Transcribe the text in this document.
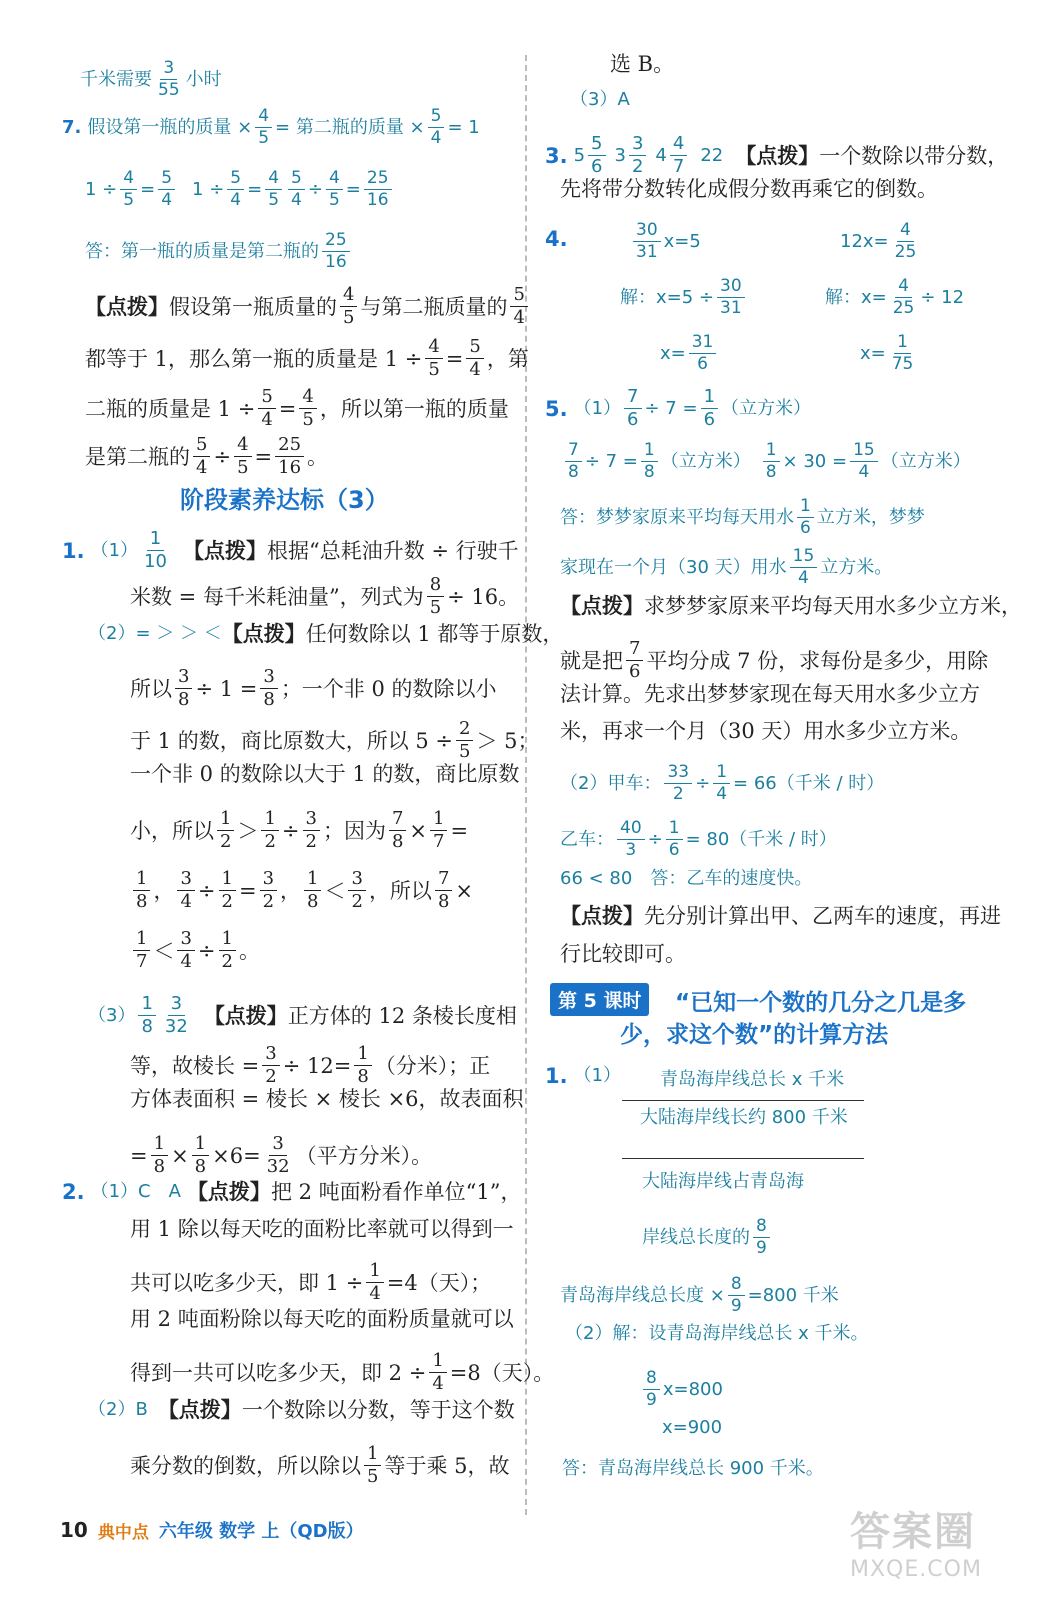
千米需要 $\frac{3}{55}$ 小时
7. 假设第一瓶的质量 × $\frac{4}{5}$ = 第二瓶的质量 × $\frac{5}{4} = 1$
$1 \div \frac{4}{5} = \frac{5}{4} 1 \div \frac{5}{4} = \frac{4}{5} \frac{5}{4} \div \frac{4}{5} = \frac{25}{16}$
答：第一瓶的质量是第二瓶的 $\frac{25}{16}$
【点拨】 假设第一瓶质量的 $\frac{4}{5}$ 与第二瓶质量的 $\frac{5}{4}$
都等于 1，那么第一瓶的质量是 $1 \div \frac{4}{5} = \frac{5}{4}$ ，第
二瓶的质量是 $1 \div \frac{5}{4} = \frac{4}{5}$ ，所以第一瓶的质量
是第二瓶的 $\frac{5}{4} \div \frac{4}{5} = \frac{25}{16}$ 。
阶段素养达标（3）
1. $(1) \frac{1}{10}$ 【点拨】 根据“总耗油升数 ÷ 行驶千
米数 = 每千米耗油量”，列式为 $\frac{8}{5} \div 16$。
（2）= ＞ ＞ ＜ 【点拨】 任何数除以 1 都等于原数，
所以 $\frac{3}{8} \div 1 = \frac{3}{8}$ ；一个非 0 的数除以小
于 1 的数，商比原数大，所以 $5 \div \frac{2}{5} > 5$；
一个非 0 的数除以大于 1 的数，商比原数
小，所以 $\frac{1}{2} > \frac{1}{2} \div \frac{3}{2}$ ；因为 $\frac{7}{8} \times \frac{1}{7}$ =
$\frac{1}{8}$ ， $\frac{3}{4} \div \frac{1}{2} = \frac{3}{2}$ ， $\frac{1}{8} < \frac{3}{2}$ ，所以 $\frac{7}{8}$ ×
$\frac{1}{7} < \frac{3}{4} \div \frac{1}{2}$ 。
$(3) \frac{1}{8} \frac{3}{32}$ 【点拨】 正方体的 12 条棱长度相
等，故棱长 = $\frac{3}{2} \div 12= \frac{1}{8}$ （分米）；正
方体表面积 = 棱长 × 棱长 ×6，故表面积
= $\frac{1}{8} \times \frac{1}{8} \times 6= \frac{3}{32}$ （平方分米）。
2. （1）C　A 【点拨】 把 2 吨面粉看作单位“1”，
用 1 除以每天吃的面粉比率就可以得到一
共可以吃多少天，即 $1 \div \frac{1}{4} =4$（天）；
用 2 吨面粉除以每天吃的面粉质量就可以
得到一共可以吃多少天，即 $2 \div \frac{1}{4} =8$（天）。
（2）B 【点拨】 一个数除以分数，等于这个数
乘分数的倒数，所以除以 $\frac{1}{5}$ 等于乘 5，故
选 B。
（3）A
3. $5 \frac{5}{6} 3 \frac{3}{2} 4 \frac{4}{7} 22$ 【点拨】 一个数除以带分数，
先将带分数转化成假分数再乘它的倒数。
4.	$\frac{30}{31} x=5$	$12x= \frac{4}{25}$
解：$x=5 \div \frac{30}{31}$	解：$x= \frac{4}{25} \div 12$
$x= \frac{31}{6}$	$x= \frac{1}{75}$
5. $(1) \frac{7}{6} \div 7 = \frac{1}{6}$ （立方米）
$\frac{7}{8} \div 7 = \frac{1}{8}$ （立方米） $\frac{1}{8} \times 30 = \frac{15}{4}$ （立方米）
答：梦梦家原来平均每天用水 $\frac{1}{6}$ 立方米，梦梦
家现在一个月（30 天）用水 $\frac{15}{4}$ 立方米。
【点拨】 求梦梦家原来平均每天用水多少立方米，
就是把 $\frac{7}{6}$ 平均分成 7 份，求每份是多少，用除
法计算。先求出梦梦家现在每天用水多少立方
米，再求一个月（30 天）用水多少立方米。
（2）甲车： $\frac{33}{2} \div \frac{1}{4} = 66$（千米 / 时）
乙车： $\frac{40}{3} \div \frac{1}{6} = 80$（千米 / 时）
66 < 80　答：乙车的速度快。
【点拨】 先分别计算出甲、乙两车的速度，再进
行比较即可。
第 5 课时	“已知一个数的几分之几是多
少，求这个数”的计算方法
1. （1） 青岛海岸线总长 x 千米
大陆海岸线长约 800 千米
大陆海岸线占青岛海
岸线总长度的 $\frac{8}{9}$
青岛海岸线总长度 × $\frac{8}{9} =800$ 千米
（2）解：设青岛海岸线总长 x 千米。
$\frac{8}{9} x=800$
x=900
答：青岛海岸线总长 900 千米。
10 典中点 六年级 数学 上（QD版）	答案圈
MXQE.COM
